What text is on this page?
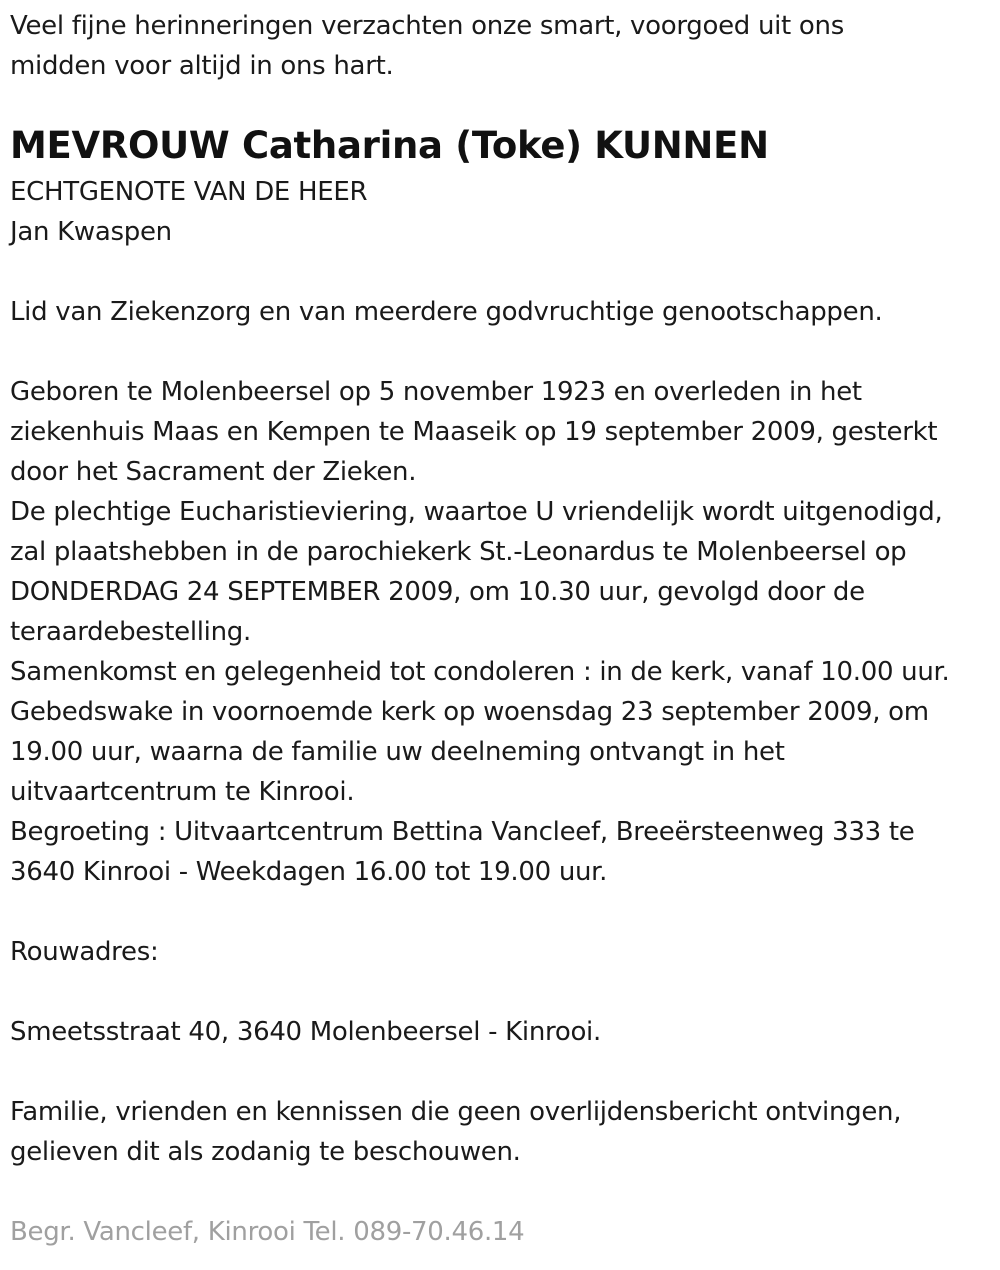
Veel fijne herinneringen verzachten onze smart, voorgoed uit ons
midden voor altijd in ons hart.
MEVROUW Catharina (Toke) KUNNEN
ECHTGENOTE VAN DE HEER
Jan Kwaspen
Lid van Ziekenzorg en van meerdere godvruchtige genootschappen.
Geboren te Molenbeersel op 5 november 1923 en overleden in het
ziekenhuis Maas en Kempen te Maaseik op 19 september 2009, gesterkt
door het Sacrament der Zieken.
De plechtige Eucharistieviering, waartoe U vriendelijk wordt uitgenodigd,
zal plaatshebben in de parochiekerk St.-Leonardus te Molenbeersel op
DONDERDAG 24 SEPTEMBER 2009, om 10.30 uur, gevolgd door de
teraardebestelling.
Samenkomst en gelegenheid tot condoleren : in de kerk, vanaf 10.00 uur.
Gebedswake in voornoemde kerk op woensdag 23 september 2009, om
19.00 uur, waarna de familie uw deelneming ontvangt in het
uitvaartcentrum te Kinrooi.
Begroeting : Uitvaartcentrum Bettina Vancleef, Breeërsteenweg 333 te
3640 Kinrooi - Weekdagen 16.00 tot 19.00 uur.
Rouwadres:
Smeetsstraat 40, 3640 Molenbeersel - Kinrooi.
Familie, vrienden en kennissen die geen overlijdensbericht ontvingen,
gelieven dit als zodanig te beschouwen.
Begr. Vancleef, Kinrooi Tel. 089-70.46.14
